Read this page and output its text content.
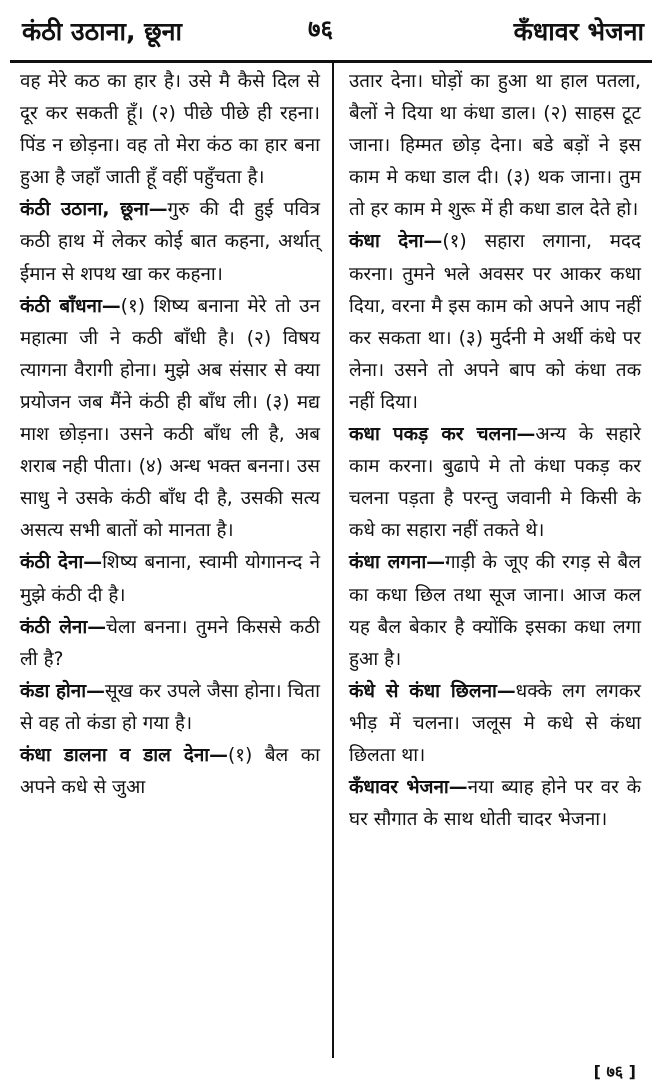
कंठी उठाना, छूना	७६	कँधावर भेजना
वह मेरे कठ का हार है। उसे मै कैसे दिल से दूर कर सकती हूँ। (२) पीछे पीछे ही रहना। पिंड न छोड़ना। वह तो मेरा कंठ का हार बना हुआ है जहाँ जाती हूँ वहीं पहुँचता है।
कंठी उठाना, छूना—गुरु की दी हुई पवित्र कठी हाथ में लेकर कोई बात कहना, अर्थात् ईमान से शपथ खा कर कहना।
कंठी बाँधना—(१) शिष्य बनाना मेरे तो उन महात्मा जी ने कठी बाँधी है। (२) विषय त्यागना वैरागी होना। मुझे अब संसार से क्या प्रयोजन जब मैंने कंठी ही बाँध ली। (३) मद्य माश छोड़ना। उसने कठी बाँध ली है, अब शराब नही पीता। (४) अन्ध भक्त बनना। उस साधु ने उसके कंठी बाँध दी है, उसकी सत्य असत्य सभी बातों को मानता है।
कंठी देना—शिष्य बनाना, स्वामी योगानन्द ने मुझे कंठी दी है।
कंठी लेना—चेला बनना। तुमने किससे कठी ली है?
कंडा होना—सूख कर उपले जैसा होना। चिता से वह तो कंडा हो गया है।
कंधा डालना व डाल देना—(१) बैल का अपने कधे से जुआ
उतार देना। घोड़ों का हुआ था हाल पतला, बैलों ने दिया था कंधा डाल। (२) साहस टूट जाना। हिम्मत छोड़ देना। बडे बड़ों ने इस काम मे कधा डाल दी। (३) थक जाना। तुम तो हर काम मे शुरू में ही कधा डाल देते हो।
कंधा देना—(१) सहारा लगाना, मदद करना। तुमने भले अवसर पर आकर कधा दिया, वरना मै इस काम को अपने आप नहीं कर सकता था। (३) मुर्दनी मे अर्थी कंधे पर लेना। उसने तो अपने बाप को कंधा तक नहीं दिया।
कधा पकड़ कर चलना—अन्य के सहारे काम करना। बुढापे मे तो कंधा पकड़ कर चलना पड़ता है परन्तु जवानी मे किसी के कधे का सहारा नहीं तकते थे।
कंधा लगना—गाड़ी के जूए की रगड़ से बैल का कधा छिल तथा सूज जाना। आज कल यह बैल बेकार है क्योंकि इसका कधा लगा हुआ है।
कंधे से कंधा छिलना—धक्के लग लगकर भीड़ में चलना। जलूस मे कधे से कंधा छिलता था।
कँधावर भेजना—नया ब्याह होने पर वर के घर सौगात के साथ धोती चादर भेजना।
[ ७६ ]
